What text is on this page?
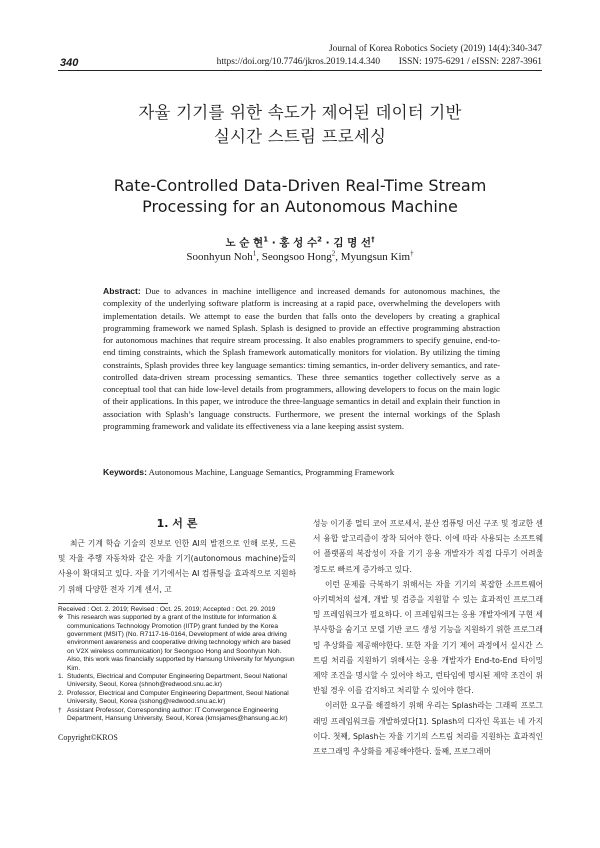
340
Journal of Korea Robotics Society (2019) 14(4):340-347
https://doi.org/10.7746/jkros.2019.14.4.340        ISSN: 1975-6291 / eISSN: 2287-3961
자율 기기를 위한 속도가 제어된 데이터 기반
실시간 스트림 프로세싱
Rate-Controlled Data-Driven Real-Time Stream
Processing for an Autonomous Machine
노 순 현$^1$ · 홍 성 수$^2$ · 김 명 선†
Soonhyun Noh$^1$, Seongsoo Hong$^2$, Myungsun Kim†
Abstract: Due to advances in machine intelligence and increased demands for autonomous machines, the complexity of the underlying software platform is increasing at a rapid pace, overwhelming the developers with implementation details. We attempt to ease the burden that falls onto the developers by creating a graphical programming framework we named Splash. Splash is designed to provide an effective programming abstraction for autonomous machines that require stream processing. It also enables programmers to specify genuine, end-to-end timing constraints, which the Splash framework automatically monitors for violation. By utilizing the timing constraints, Splash provides three key language semantics: timing semantics, in-order delivery semantics, and rate-controlled data-driven stream processing semantics. These three semantics together collectively serve as a conceptual tool that can hide low-level details from programmers, allowing developers to focus on the main logic of their applications. In this paper, we introduce the three-language semantics in detail and explain their function in association with Splash’s language constructs. Furthermore, we present the internal workings of the Splash programming framework and validate its effectiveness via a lane keeping assist system.
Keywords: Autonomous Machine, Language Semantics, Programming Framework
1. 서 론

최근 기계 학습 기술의 진보로 인한 AI의 발전으로 인해 로봇, 드론 및 자율 주행 자동차와 같은 자율 기기(autonomous machine)들의 사용이 확대되고 있다. 자율 기기에서는 AI 컴퓨팅을 효과적으로 지원하기 위해 다양한 전자 기계 센서, 고

Received : Oct. 2. 2019; Revised : Oct. 25. 2019; Accepted : Oct. 29. 2019

※ This research was supported by a grant of the Institute for Information & communications Technology Promotion (IITP) grant funded by the Korea government (MSIT) (No. R7117-16-0164, Development of wide area driving environment awareness and cooperative driving technology which are based on V2X wireless communication) for Seongsoo Hong and Soonhyun Noh. Also, this work was financially supported by Hansung University for Myungsun Kim.

1. Students, Electrical and Computer Engineering Department, Seoul National University, Seoul, Korea (shnoh@redwood.snu.ac.kr)

2. Professor, Electrical and Computer Engineering Department, Seoul National University, Seoul, Korea (sshong@redwood.snu.ac.kr)

† Assistant Professor, Corresponding author: IT Convergence Engineering Department, Hansung University, Seoul, Korea (kmsjames@hansung.ac.kr)

Copyright©KROS

성능 이기종 멀티 코어 프로세서, 분산 컴퓨팅 머신 구조 및 정교한 센서 융합 알고리즘이 장착 되어야 한다. 이에 따라 사용되는 소프트웨어 플랫폼의 복잡성이 자율 기기 응용 개발자가 직접 다루기 어려울 정도로 빠르게 증가하고 있다.

이런 문제를 극복하기 위해서는 자율 기기의 복잡한 소프트웨어 아키텍처의 설계, 개발 및 검증을 지원할 수 있는 효과적인 프로그래밍 프레임워크가 필요하다. 이 프레임워크는 응용 개발자에게 구현 세부사항을 숨기고 모델 기반 코드 생성 기능을 지원하기 위한 프로그래밍 추상화를 제공해야한다. 또한 자율 기기 제어 과정에서 실시간 스트림 처리를 지원하기 위해서는 응용 개발자가 End-to-End 타이밍 제약 조건을 명시할 수 있어야 하고, 런타임에 명시된 제약 조건이 위반될 경우 이를 감지하고 처리할 수 있어야 한다.

이러한 요구를 해결하기 위해 우리는 Splash라는 그래픽 프로그래밍 프레임워크를 개발하였다[1]. Splash의 디자인 목표는 네 가지이다. 첫째, Splash는 자율 기기의 스트림 처리를 지원하는 효과적인 프로그래밍 추상화를 제공해야한다. 둘째, 프로그래머
